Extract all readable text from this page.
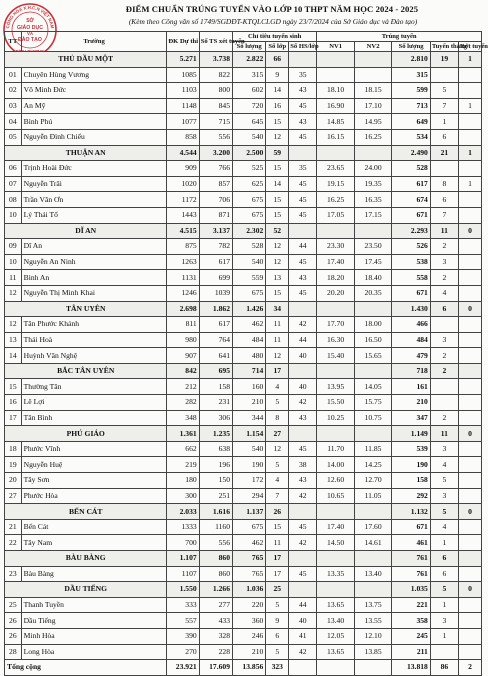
CỘNG HOÀ X.H.C.N VIỆT NAM
SỞ
GIÁO DỤC
VÀ
ĐÀO TẠO
ĐIỂM CHUẨN TRÚNG TUYỂN VÀO LỚP 10 THPT NĂM HỌC 2024 - 2025
(Kèm theo Công văn số 1749/SGDĐT-KTQLCLGD ngày 23/7/2024 của Sở Giáo dục và Đào tạo)
TT	Trường	ĐK Dự thi	Số TS xét tuyển	Chỉ tiêu tuyển sinh			Trúng tuyển				
				Số lượng	Số lớp	Số HS/lớp	NV1	NV2	Số lượng	Tuyển thẳng	Rớt tuyển
THỦ DẦU MỘT		5.271	3.738	2.822	66				2.810	19	1
01	Chuyên Hùng Vương	1085	822	315	9	35			315		
02	Võ Minh Đức	1103	800	602	14	43	18.10	18.15	599	5	
03	An Mỹ	1148	845	720	16	45	16.90	17.10	713	7	1
04	Bình Phú	1077	715	645	15	43	14.85	14.95	649	1	
05	Nguyễn Đình Chiểu	858	556	540	12	45	16.15	16.25	534	6	
THUẬN AN		4.544	3.200	2.500	59				2.490	21	1
06	Trịnh Hoài Đức	909	766	525	15	35	23.65	24.00	528		
07	Nguyễn Trãi	1020	857	625	14	45	19.15	19.35	617	8	1
08	Trần Văn Ơn	1172	706	675	15	45	16.25	16.35	674	6	
10	Lý Thái Tổ	1443	871	675	15	45	17.05	17.15	671	7	
DĨ AN		4.515	3.137	2.302	52				2.293	11	0
09	Dĩ An	875	782	528	12	44	23.30	23.50	526	2	
10	Nguyễn An Ninh	1263	617	540	12	45	17.40	17.45	538	3	
11	Bình An	1131	699	559	13	43	18.20	18.40	558	2	
12	Nguyễn Thị Minh Khai	1246	1039	675	15	45	20.20	20.35	671	4	
TÂN UYÊN		2.698	1.862	1.426	34				1.430	6	0
12	Tân Phước Khánh	811	617	462	11	42	17.70	18.00	466		
13	Thái Hoà	980	764	484	11	44	16.30	16.50	484	3	
14	Huỳnh Văn Nghệ	907	641	480	12	40	15.40	15.65	479	2	
BẮC TÂN UYÊN		842	695	714	17				718	2	
15	Thường Tân	212	158	160	4	40	13.95	14.05	161		
16	Lê Lợi	282	231	210	5	42	15.50	15.75	210		
17	Tân Bình	348	306	344	8	43	10.25	10.75	347	2	
PHÚ GIÁO		1.361	1.235	1.154	27				1.149	11	0
18	Phước Vĩnh	662	638	540	12	45	11.70	11.85	539	3	
19	Nguyễn Huệ	219	196	190	5	38	14.00	14.25	190	4	
20	Tây Sơn	180	150	172	4	43	12.60	12.70	158	5	
27	Phước Hòa	300	251	294	7	42	10.65	11.05	292	3	
BẾN CÁT		2.033	1.616	1.137	26				1.132	5	0
21	Bến Cát	1333	1160	675	15	45	17.40	17.60	671	4	
22	Tây Nam	700	556	462	11	42	14.50	14.61	461	1	
BÀU BÀNG		1.107	860	765	17				761	6	
23	Bàu Bàng	1107	860	765	17	45	13.35	13.40	761	6	
DẦU TIẾNG		1.550	1.266	1.036	25				1.035	5	0
25	Thanh Tuyền	333	277	220	5	44	13.65	13.75	221	1	
26	Dầu Tiếng	557	433	360	9	40	13.40	13.55	358	3	
26	Minh Hòa	390	328	246	6	41	12.05	12.10	245	1	
28	Long Hòa	270	228	210	5	42	13.65	13.85	211		
Tổng cộng		23.921	17.609	13.856	323				13.818	86	2
